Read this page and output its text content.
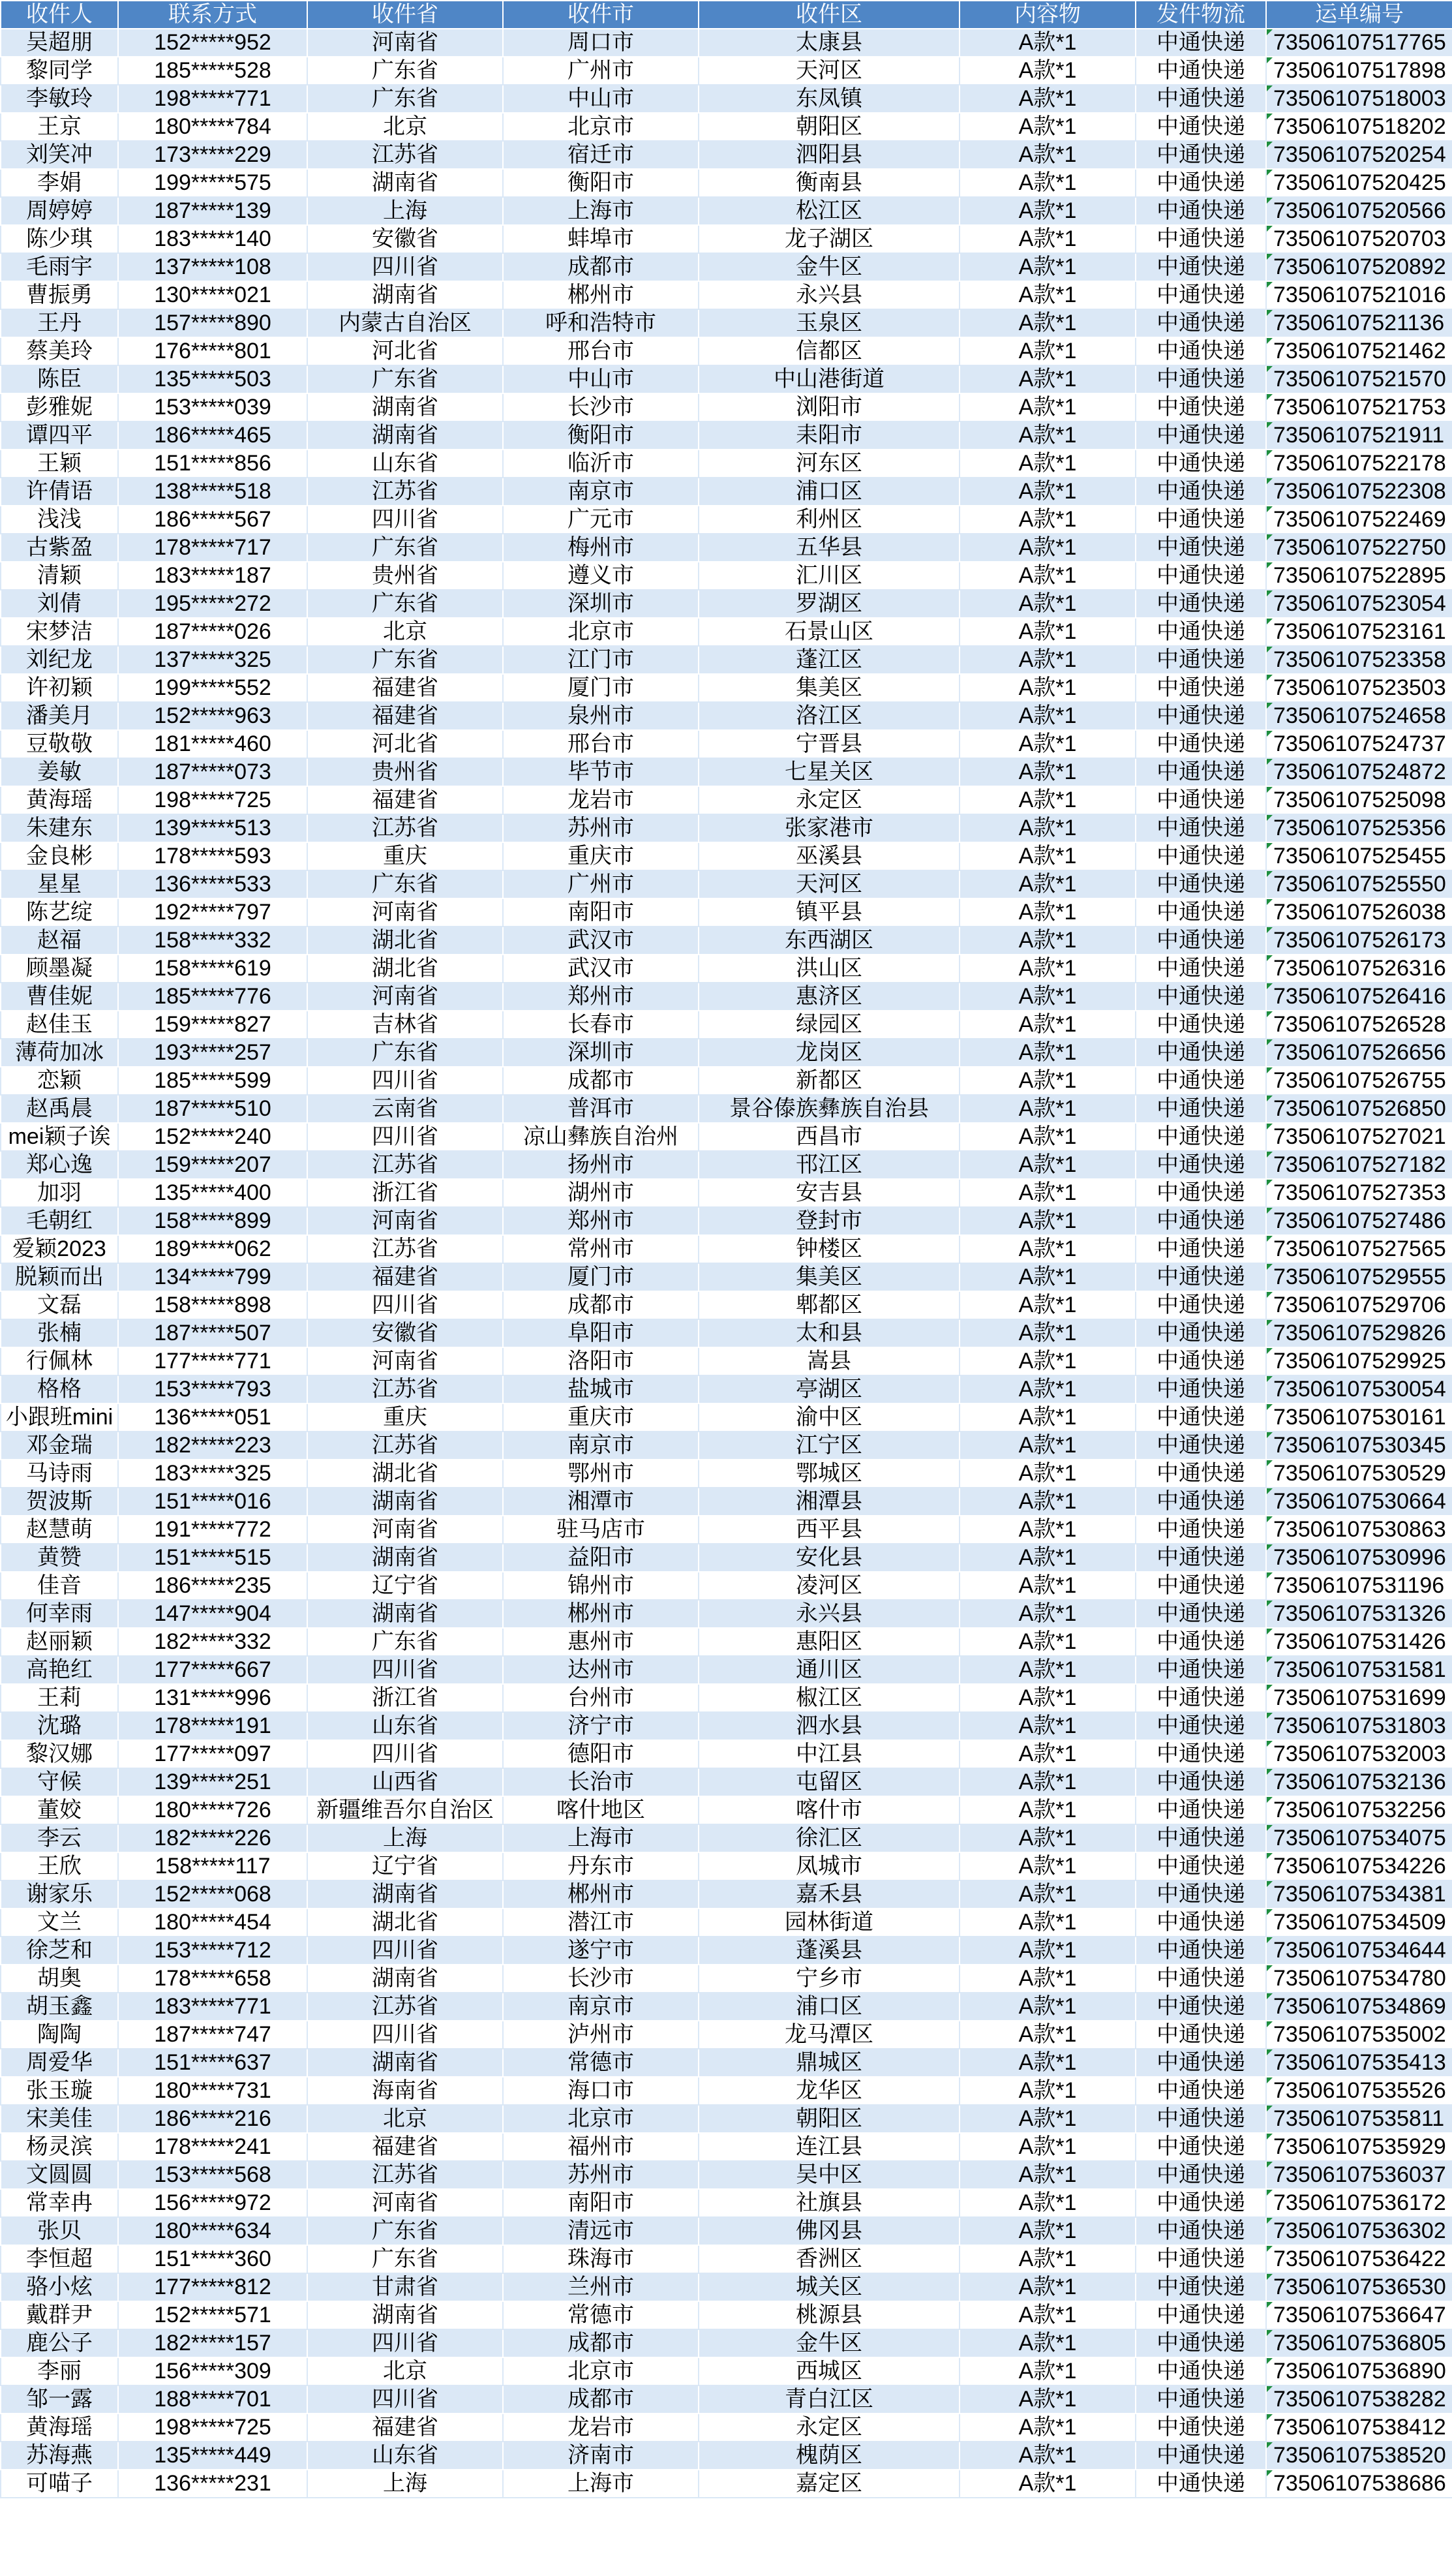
收件人	联系方式	收件省	收件市	收件区	内容物	发件物流	运单编号
吴超朋	152*****952	河南省	周口市	太康县	A款*1	中通快递	73506107517765
黎同学	185*****528	广东省	广州市	天河区	A款*1	中通快递	73506107517898
李敏玲	198*****771	广东省	中山市	东凤镇	A款*1	中通快递	73506107518003
王京	180*****784	北京	北京市	朝阳区	A款*1	中通快递	73506107518202
刘笑冲	173*****229	江苏省	宿迁市	泗阳县	A款*1	中通快递	73506107520254
李娟	199*****575	湖南省	衡阳市	衡南县	A款*1	中通快递	73506107520425
周婷婷	187*****139	上海	上海市	松江区	A款*1	中通快递	73506107520566
陈少琪	183*****140	安徽省	蚌埠市	龙子湖区	A款*1	中通快递	73506107520703
毛雨宇	137*****108	四川省	成都市	金牛区	A款*1	中通快递	73506107520892
曹振勇	130*****021	湖南省	郴州市	永兴县	A款*1	中通快递	73506107521016
王丹	157*****890	内蒙古自治区	呼和浩特市	玉泉区	A款*1	中通快递	73506107521136
蔡美玲	176*****801	河北省	邢台市	信都区	A款*1	中通快递	73506107521462
陈臣	135*****503	广东省	中山市	中山港街道	A款*1	中通快递	73506107521570
彭雅妮	153*****039	湖南省	长沙市	浏阳市	A款*1	中通快递	73506107521753
谭四平	186*****465	湖南省	衡阳市	耒阳市	A款*1	中通快递	73506107521911
王颖	151*****856	山东省	临沂市	河东区	A款*1	中通快递	73506107522178
许倩语	138*****518	江苏省	南京市	浦口区	A款*1	中通快递	73506107522308
浅浅	186*****567	四川省	广元市	利州区	A款*1	中通快递	73506107522469
古紫盈	178*****717	广东省	梅州市	五华县	A款*1	中通快递	73506107522750
清颖	183*****187	贵州省	遵义市	汇川区	A款*1	中通快递	73506107522895
刘倩	195*****272	广东省	深圳市	罗湖区	A款*1	中通快递	73506107523054
宋梦洁	187*****026	北京	北京市	石景山区	A款*1	中通快递	73506107523161
刘纪龙	137*****325	广东省	江门市	蓬江区	A款*1	中通快递	73506107523358
许初颖	199*****552	福建省	厦门市	集美区	A款*1	中通快递	73506107523503
潘美月	152*****963	福建省	泉州市	洛江区	A款*1	中通快递	73506107524658
豆敬敬	181*****460	河北省	邢台市	宁晋县	A款*1	中通快递	73506107524737
姜敏	187*****073	贵州省	毕节市	七星关区	A款*1	中通快递	73506107524872
黄海瑶	198*****725	福建省	龙岩市	永定区	A款*1	中通快递	73506107525098
朱建东	139*****513	江苏省	苏州市	张家港市	A款*1	中通快递	73506107525356
金良彬	178*****593	重庆	重庆市	巫溪县	A款*1	中通快递	73506107525455
星星	136*****533	广东省	广州市	天河区	A款*1	中通快递	73506107525550
陈艺绽	192*****797	河南省	南阳市	镇平县	A款*1	中通快递	73506107526038
赵福	158*****332	湖北省	武汉市	东西湖区	A款*1	中通快递	73506107526173
顾墨凝	158*****619	湖北省	武汉市	洪山区	A款*1	中通快递	73506107526316
曹佳妮	185*****776	河南省	郑州市	惠济区	A款*1	中通快递	73506107526416
赵佳玉	159*****827	吉林省	长春市	绿园区	A款*1	中通快递	73506107526528
薄荷加冰	193*****257	广东省	深圳市	龙岗区	A款*1	中通快递	73506107526656
恋颖	185*****599	四川省	成都市	新都区	A款*1	中通快递	73506107526755
赵禹晨	187*****510	云南省	普洱市	景谷傣族彝族自治县	A款*1	中通快递	73506107526850
mei颖子诶	152*****240	四川省	凉山彝族自治州	西昌市	A款*1	中通快递	73506107527021
郑心逸	159*****207	江苏省	扬州市	邗江区	A款*1	中通快递	73506107527182
加羽	135*****400	浙江省	湖州市	安吉县	A款*1	中通快递	73506107527353
毛朝红	158*****899	河南省	郑州市	登封市	A款*1	中通快递	73506107527486
爱颖2023	189*****062	江苏省	常州市	钟楼区	A款*1	中通快递	73506107527565
脱颖而出	134*****799	福建省	厦门市	集美区	A款*1	中通快递	73506107529555
文磊	158*****898	四川省	成都市	郫都区	A款*1	中通快递	73506107529706
张楠	187*****507	安徽省	阜阳市	太和县	A款*1	中通快递	73506107529826
行佩林	177*****771	河南省	洛阳市	嵩县	A款*1	中通快递	73506107529925
格格	153*****793	江苏省	盐城市	亭湖区	A款*1	中通快递	73506107530054
小跟班mini	136*****051	重庆	重庆市	渝中区	A款*1	中通快递	73506107530161
邓金瑞	182*****223	江苏省	南京市	江宁区	A款*1	中通快递	73506107530345
马诗雨	183*****325	湖北省	鄂州市	鄂城区	A款*1	中通快递	73506107530529
贺波斯	151*****016	湖南省	湘潭市	湘潭县	A款*1	中通快递	73506107530664
赵慧萌	191*****772	河南省	驻马店市	西平县	A款*1	中通快递	73506107530863
黄赞	151*****515	湖南省	益阳市	安化县	A款*1	中通快递	73506107530996
佳音	186*****235	辽宁省	锦州市	凌河区	A款*1	中通快递	73506107531196
何幸雨	147*****904	湖南省	郴州市	永兴县	A款*1	中通快递	73506107531326
赵丽颖	182*****332	广东省	惠州市	惠阳区	A款*1	中通快递	73506107531426
高艳红	177*****667	四川省	达州市	通川区	A款*1	中通快递	73506107531581
王莉	131*****996	浙江省	台州市	椒江区	A款*1	中通快递	73506107531699
沈璐	178*****191	山东省	济宁市	泗水县	A款*1	中通快递	73506107531803
黎汉娜	177*****097	四川省	德阳市	中江县	A款*1	中通快递	73506107532003
守候	139*****251	山西省	长治市	屯留区	A款*1	中通快递	73506107532136
董姣	180*****726	新疆维吾尔自治区	喀什地区	喀什市	A款*1	中通快递	73506107532256
李云	182*****226	上海	上海市	徐汇区	A款*1	中通快递	73506107534075
王欣	158*****117	辽宁省	丹东市	凤城市	A款*1	中通快递	73506107534226
谢家乐	152*****068	湖南省	郴州市	嘉禾县	A款*1	中通快递	73506107534381
文兰	180*****454	湖北省	潜江市	园林街道	A款*1	中通快递	73506107534509
徐芝和	153*****712	四川省	遂宁市	蓬溪县	A款*1	中通快递	73506107534644
胡奥	178*****658	湖南省	长沙市	宁乡市	A款*1	中通快递	73506107534780
胡玉鑫	183*****771	江苏省	南京市	浦口区	A款*1	中通快递	73506107534869
陶陶	187*****747	四川省	泸州市	龙马潭区	A款*1	中通快递	73506107535002
周爱华	151*****637	湖南省	常德市	鼎城区	A款*1	中通快递	73506107535413
张玉璇	180*****731	海南省	海口市	龙华区	A款*1	中通快递	73506107535526
宋美佳	186*****216	北京	北京市	朝阳区	A款*1	中通快递	73506107535811
杨灵滨	178*****241	福建省	福州市	连江县	A款*1	中通快递	73506107535929
文圆圆	153*****568	江苏省	苏州市	吴中区	A款*1	中通快递	73506107536037
常幸冉	156*****972	河南省	南阳市	社旗县	A款*1	中通快递	73506107536172
张贝	180*****634	广东省	清远市	佛冈县	A款*1	中通快递	73506107536302
李恒超	151*****360	广东省	珠海市	香洲区	A款*1	中通快递	73506107536422
骆小炫	177*****812	甘肃省	兰州市	城关区	A款*1	中通快递	73506107536530
戴群尹	152*****571	湖南省	常德市	桃源县	A款*1	中通快递	73506107536647
鹿公子	182*****157	四川省	成都市	金牛区	A款*1	中通快递	73506107536805
李丽	156*****309	北京	北京市	西城区	A款*1	中通快递	73506107536890
邹一露	188*****701	四川省	成都市	青白江区	A款*1	中通快递	73506107538282
黄海瑶	198*****725	福建省	龙岩市	永定区	A款*1	中通快递	73506107538412
苏海燕	135*****449	山东省	济南市	槐荫区	A款*1	中通快递	73506107538520
可喵子	136*****231	上海	上海市	嘉定区	A款*1	中通快递	73506107538686
